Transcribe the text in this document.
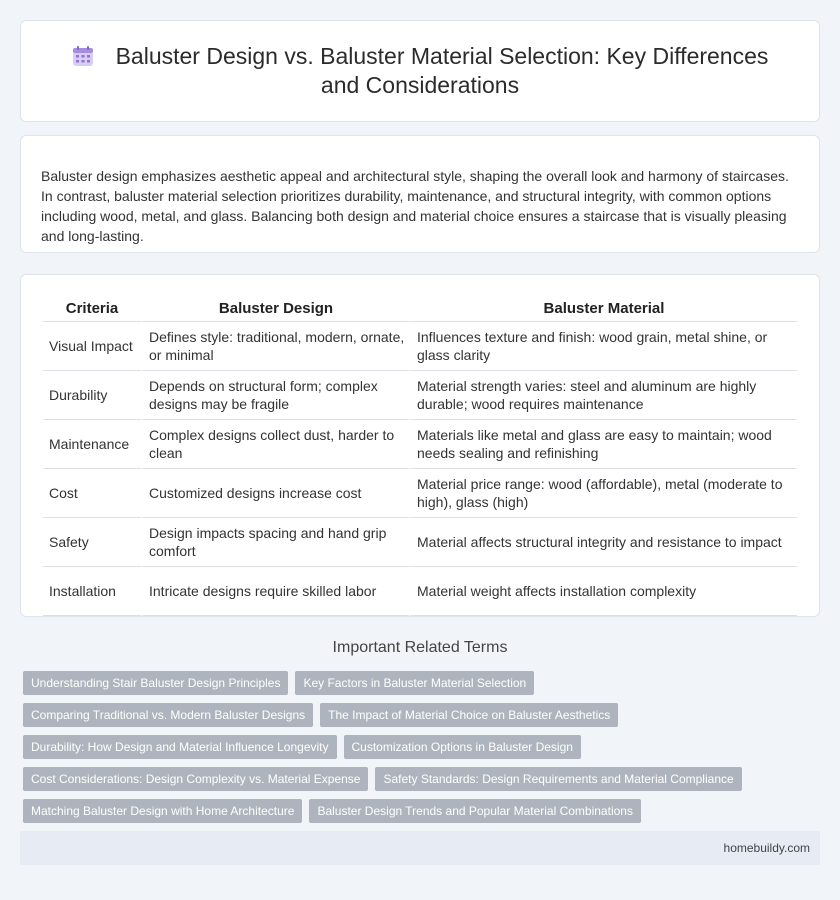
Baluster Design vs. Baluster Material Selection: Key Differences and Considerations

Baluster design emphasizes aesthetic appeal and architectural style, shaping the overall look and harmony of staircases. In contrast, baluster material selection prioritizes durability, maintenance, and structural integrity, with common options including wood, metal, and glass. Balancing both design and material choice ensures a staircase that is visually pleasing and long-lasting.

Criteria	Baluster Design	Baluster Material
Visual Impact	Defines style: traditional, modern, ornate, or minimal	Influences texture and finish: wood grain, metal shine, or glass clarity
Durability	Depends on structural form; complex designs may be fragile	Material strength varies: steel and aluminum are highly durable; wood requires maintenance
Maintenance	Complex designs collect dust, harder to clean	Materials like metal and glass are easy to maintain; wood needs sealing and refinishing
Cost	Customized designs increase cost	Material price range: wood (affordable), metal (moderate to high), glass (high)
Safety	Design impacts spacing and hand grip comfort	Material affects structural integrity and resistance to impact
Installation	Intricate designs require skilled labor	Material weight affects installation complexity
Important Related Terms
Understanding Stair Baluster Design Principles	Key Factors in Baluster Material Selection
Comparing Traditional vs. Modern Baluster Designs	The Impact of Material Choice on Baluster Aesthetics
Durability: How Design and Material Influence Longevity	Customization Options in Baluster Design
Cost Considerations: Design Complexity vs. Material Expense	Safety Standards: Design Requirements and Material Compliance
Matching Baluster Design with Home Architecture	Baluster Design Trends and Popular Material Combinations
homebuildy.com
